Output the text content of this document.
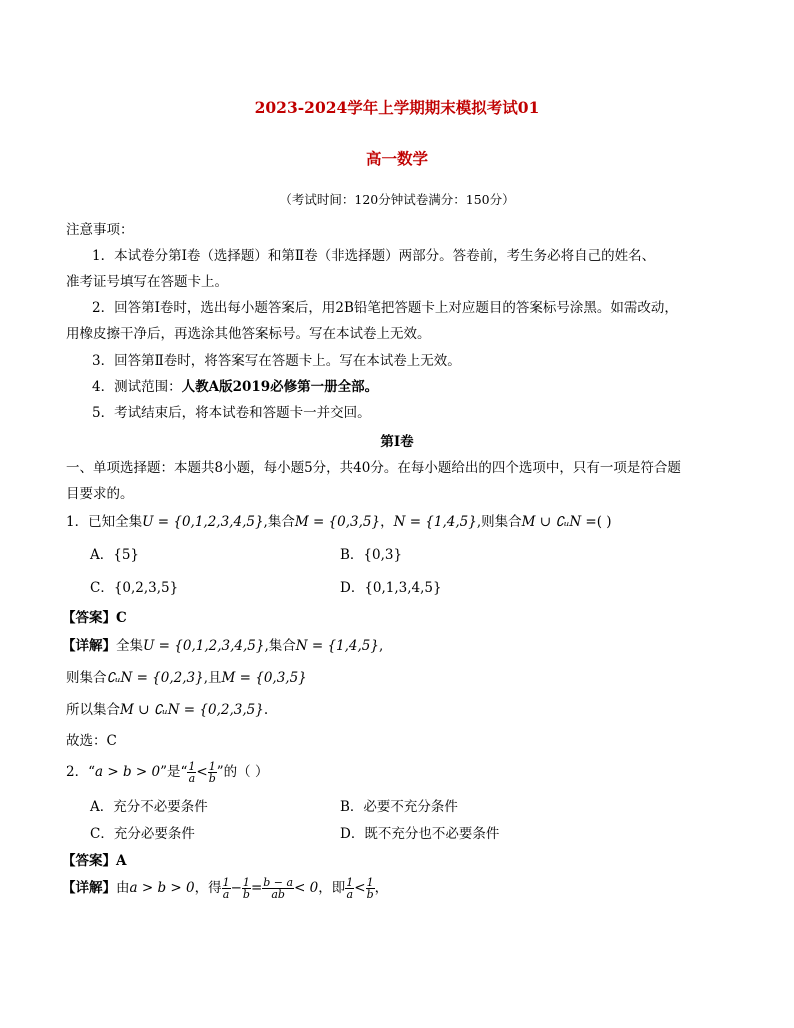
2023-2024学年上学期期末模拟考试01
高一数学
（考试时间：120分钟试卷满分：150分）
注意事项：
1．本试卷分第Ⅰ卷（选择题）和第Ⅱ卷（非选择题）两部分。答卷前，考生务必将自己的姓名、
准考证号填写在答题卡上。
2．回答第Ⅰ卷时，选出每小题答案后，用2B铅笔把答题卡上对应题目的答案标号涂黑。如需改动，
用橡皮擦干净后，再选涂其他答案标号。写在本试卷上无效。
3．回答第Ⅱ卷时，将答案写在答题卡上。写在本试卷上无效。
4．测试范围：人教A版2019必修第一册全部。
5．考试结束后，将本试卷和答题卡一并交回。
第Ⅰ卷
一、单项选择题：本题共8小题，每小题5分，共40分。在每小题给出的四个选项中，只有一项是符合题
目要求的。
1．已知全集U = {0,1,2,3,4,5},集合M = {0,3,5}，N = {1,4,5},则集合M ∪ ∁ᵤN =( )
A．{5}	B．{0,3}
C．{0,2,3,5}	D．{0,1,3,4,5}
【答案】C
【详解】全集U = {0,1,2,3,4,5},集合N = {1,4,5},
则集合∁ᵤN = {0,2,3},且M = {0,3,5}
所以集合M ∪ ∁ᵤN = {0,2,3,5}.
故选：C
2．“a > b > 0”是“ $\frac{1}{a} < \frac{1}{b}$ ”的（ ）
A．充分不必要条件	B．必要不充分条件
C．充分必要条件	D．既不充分也不必要条件
【答案】A
【详解】由a > b > 0，得 $\frac{1}{a} - \frac{1}{b} = \frac{b - a}{ab} < 0$，即 $\frac{1}{a} < \frac{1}{b}$ ，
